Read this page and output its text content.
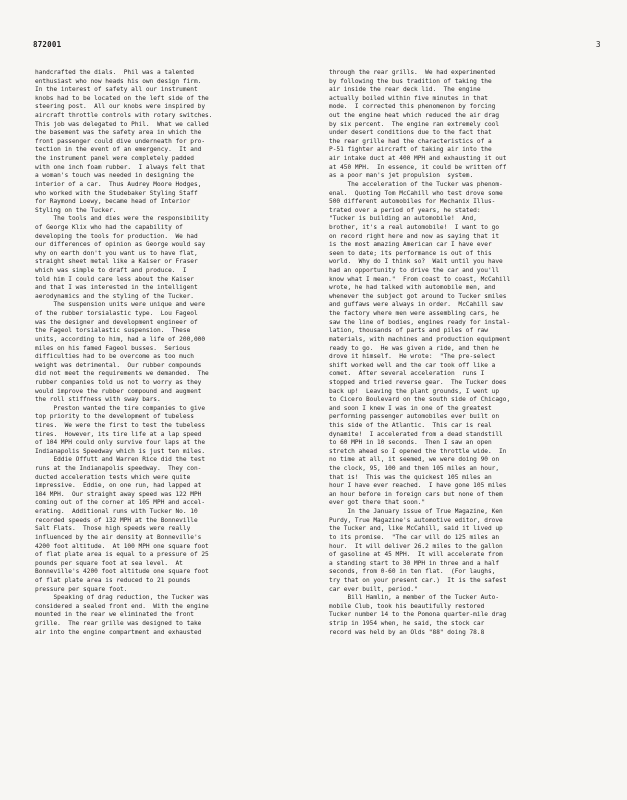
872001	3
handcrafted the dials.  Phil was a talented
enthusiast who now heads his own design firm.
In the interest of safety all our instrument
knobs had to be located on the left side of the
steering post.  All our knobs were inspired by
aircraft throttle controls with rotary switches.
This job was delegated to Phil.  What we called
the basement was the safety area in which the
front passenger could dive underneath for pro-
tection in the event of an emergency.  It and
the instrument panel were completely padded
with one inch foam rubber.  I always felt that
a woman's touch was needed in designing the
interior of a car.  Thus Audrey Moore Hodges,
who worked with the Studebaker Styling Staff
for Raymond Loewy, became head of Interior
Styling on the Tucker.
The tools and dies were the responsibility
of George Klix who had the capability of
developing the tools for production.  We had
our differences of opinion as George would say
why on earth don't you want us to have flat,
straight sheet metal like a Kaiser or Fraser
which was simple to draft and produce.  I
told him I could care less about the Kaiser
and that I was interested in the intelligent
aerodynamics and the styling of the Tucker.
The suspension units were unique and were
of the rubber torsialastic type.  Lou Fageol
was the designer and development engineer of
the Fageol torsialastic suspension.  These
units, according to him, had a life of 200,000
miles on his famed Fageol busses.  Serious
difficulties had to be overcome as too much
weight was detrimental.  Our rubber compounds
did not meet the requirements we demanded.  The
rubber companies told us not to worry as they
would improve the rubber compound and augment
the roll stiffness with sway bars.
Preston wanted the tire companies to give
top priority to the development of tubeless
tires.  We were the first to test the tubeless
tires.  However, its tire life at a lap speed
of 104 MPH could only survive four laps at the
Indianapolis Speedway which is just ten miles.
Eddie Offutt and Warren Rice did the test
runs at the Indianapolis speedway.  They con-
ducted acceleration tests which were quite
impressive.  Eddie, on one run, had lapped at
104 MPH.  Our straight away speed was 122 MPH
coming out of the corner at 105 MPH and accel-
erating.  Additional runs with Tucker No. 10
recorded speeds of 132 MPH at the Bonneville
Salt Flats.  Those high speeds were really
influenced by the air density at Bonneville's
4200 foot altitude.  At 100 MPH one square foot
of flat plate area is equal to a pressure of 25
pounds per square foot at sea level.  At
Bonneville's 4200 foot altitude one square foot
of flat plate area is reduced to 21 pounds
pressure per square foot.
Speaking of drag reduction, the Tucker was
considered a sealed front end.  With the engine
mounted in the rear we eliminated the front
grille.  The rear grille was designed to take
air into the engine compartment and exhausted
through the rear grills.  We had experimented
by following the bus tradition of taking the
air inside the rear deck lid.  The engine
actually boiled within five minutes in that
mode.  I corrected this phenomenon by forcing
out the engine heat which reduced the air drag
by six percent.  The engine ran extremely cool
under desert conditions due to the fact that
the rear grille had the characteristics of a
P-51 fighter aircraft of taking air into the
air intake duct at 400 MPH and exhausting it out
at 450 MPH.  In essence, it could be written off
as a poor man's jet propulsion  system.
The acceleration of the Tucker was phenom-
enal.  Quoting Tom McCahill who test drove some
500 different automobiles for Mechanix Illus-
trated over a period of years, he stated:
"Tucker is building an automobile!  And,
brother, it's a real automobile!  I want to go
on record right here and now as saying that it
is the most amazing American car I have ever
seen to date; its performance is out of this
world.  Why do I think so?  Wait until you have
had an opportunity to drive the car and you'll
know what I mean."  From coast to coast, McCahill
wrote, he had talked with automobile men, and
whenever the subject got around to Tucker smiles
and guffaws were always in order.  McCahill saw
the factory where men were assembling cars, he
saw the line of bodies, engines ready for instal-
lation, thousands of parts and piles of raw
materials, with machines and production equipment
ready to go.  He was given a ride, and then he
drove it himself.  He wrote:  "The pre-select
shift worked well and the car took off like a
comet.  After several acceleration  runs I
stopped and tried reverse gear.  The Tucker does
back up!  Leaving the plant grounds, I went up
to Cicero Boulevard on the south side of Chicago,
and soon I knew I was in one of the greatest
performing passenger automobiles ever built on
this side of the Atlantic.  This car is real
dynamite!  I accelerated from a dead standstill
to 60 MPH in 10 seconds.  Then I saw an open
stretch ahead so I opened the throttle wide.  In
no time at all, it seemed, we were doing 90 on
the clock, 95, 100 and then 105 miles an hour,
that is!  This was the quickest 105 miles an
hour I have ever reached.  I have gone 105 miles
an hour before in foreign cars but none of them
ever got there that soon."
In the January issue of True Magazine, Ken
Purdy, True Magazine's automotive editor, drove
the Tucker and, like McCahill, said it lived up
to its promise.  "The car will do 125 miles an
hour.  It will deliver 26.2 miles to the gallon
of gasoline at 45 MPH.  It will accelerate from
a standing start to 30 MPH in three and a half
seconds, from 0-60 in ten flat.  (For laughs,
try that on your present car.)  It is the safest
car ever built, period."
Bill Hamlin, a member of the Tucker Auto-
mobile Club, took his beautifully restored
Tucker number 14 to the Pomona quarter-mile drag
strip in 1954 when, he said, the stock car
record was held by an Olds "88" doing 78.8
